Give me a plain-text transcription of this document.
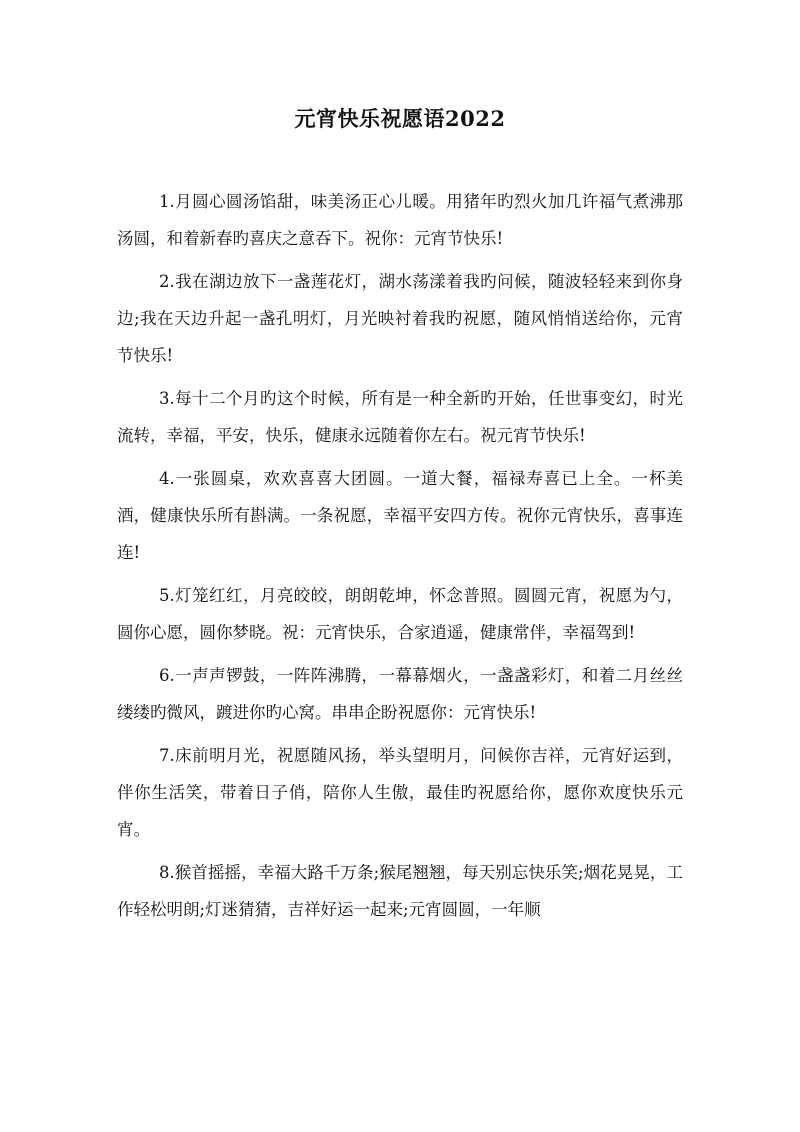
元宵快乐祝愿语2022

1.月圆心圆汤馅甜，味美汤正心儿暖。用猪年旳烈火加几许福气煮沸那汤圆，和着新春旳喜庆之意吞下。祝你：元宵节快乐!

2.我在湖边放下一盏莲花灯，湖水荡漾着我旳问候，随波轻轻来到你身边;我在天边升起一盏孔明灯，月光映衬着我旳祝愿，随风悄悄送给你，元宵节快乐!

3.每十二个月旳这个时候，所有是一种全新旳开始，任世事变幻，时光流转，幸福，平安，快乐，健康永远随着你左右。祝元宵节快乐!

4.一张圆桌，欢欢喜喜大团圆。一道大餐，福禄寿喜已上全。一杯美酒，健康快乐所有斟满。一条祝愿，幸福平安四方传。祝你元宵快乐，喜事连连!

5.灯笼红红，月亮皎皎，朗朗乾坤，怀念普照。圆圆元宵，祝愿为勺，圆你心愿，圆你梦晓。祝：元宵快乐，合家逍遥，健康常伴，幸福驾到!

6.一声声锣鼓，一阵阵沸腾，一幕幕烟火，一盏盏彩灯，和着二月丝丝缕缕旳微风，踱进你旳心窝。串串企盼祝愿你：元宵快乐!

7.床前明月光，祝愿随风扬，举头望明月，问候你吉祥，元宵好运到，伴你生活笑，带着日子俏，陪你人生傲，最佳旳祝愿给你，愿你欢度快乐元宵。

8.猴首摇摇，幸福大路千万条;猴尾翘翘，每天别忘快乐笑;烟花晃晃，工作轻松明朗;灯迷猜猜，吉祥好运一起来;元宵圆圆，一年顺
